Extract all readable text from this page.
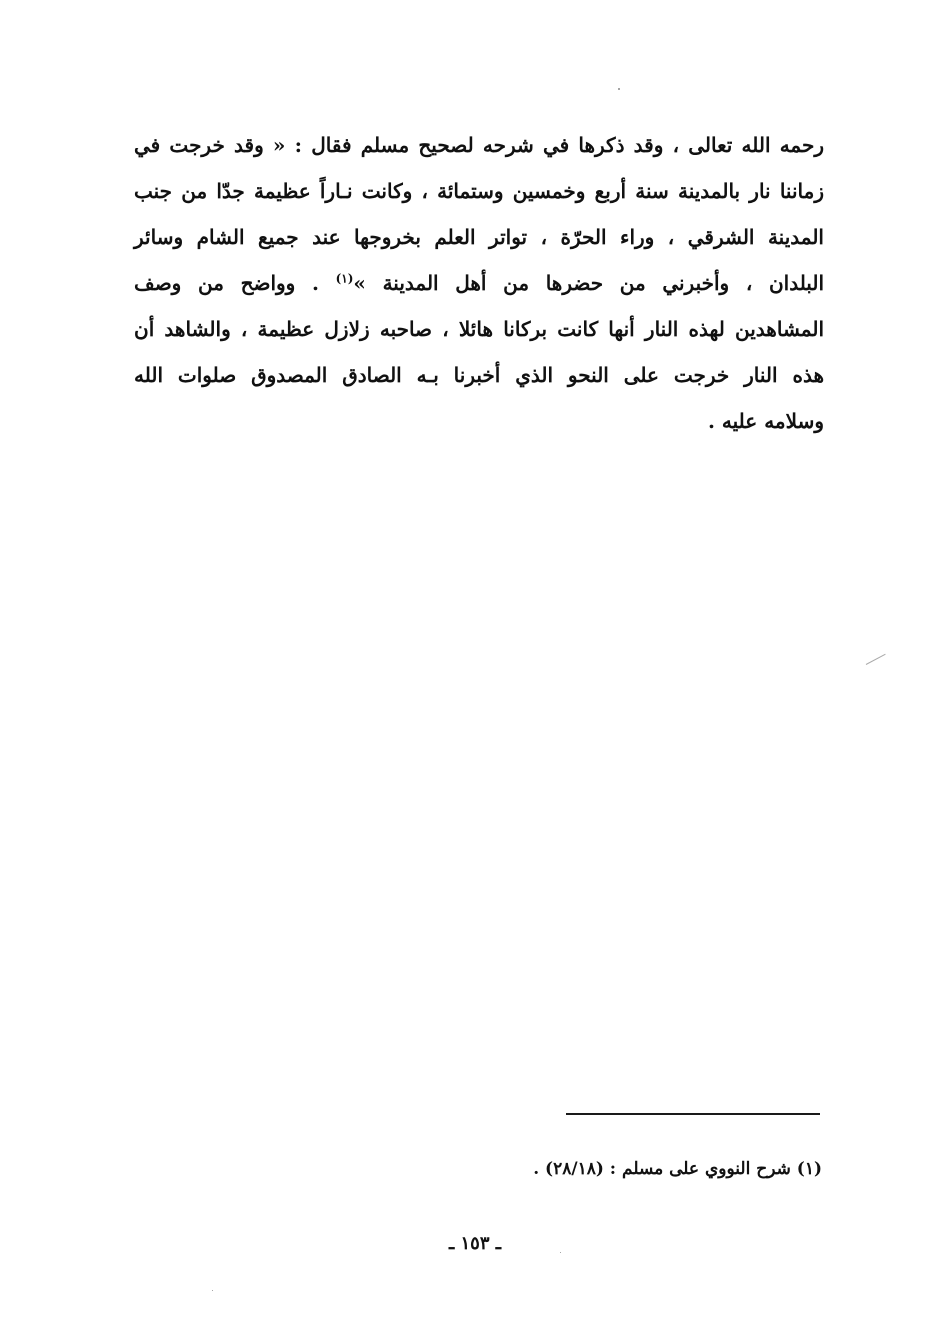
رحمه الله تعالى ، وقد ذكرها في شرحه لصحيح مسلم فقال : « وقد خرجت في
زماننا نار بالمدينة سنة أربع وخمسين وستمائة ، وكانت نـاراً عظيمة جدّا من جنب
المدينة الشرقي ، وراء الحرّة ، تواتر العلم بخروجها عند جميع الشام وسائر
البلدان ، وأخبرني من حضرها من أهل المدينة »$^{(١)}$ . وواضح من وصف
المشاهدين لهذه النار أنها كانت بركانا هائلا ، صاحبه زلازل عظيمة ، والشاهد أن
هذه النار خرجت على النحو الذي أخبرنا بـه الصادق المصدوق صلوات الله
وسلامه عليه .
(١) شرح النووي على مسلم : (٢٨/١٨) .
ـ ١٥٣ ـ
